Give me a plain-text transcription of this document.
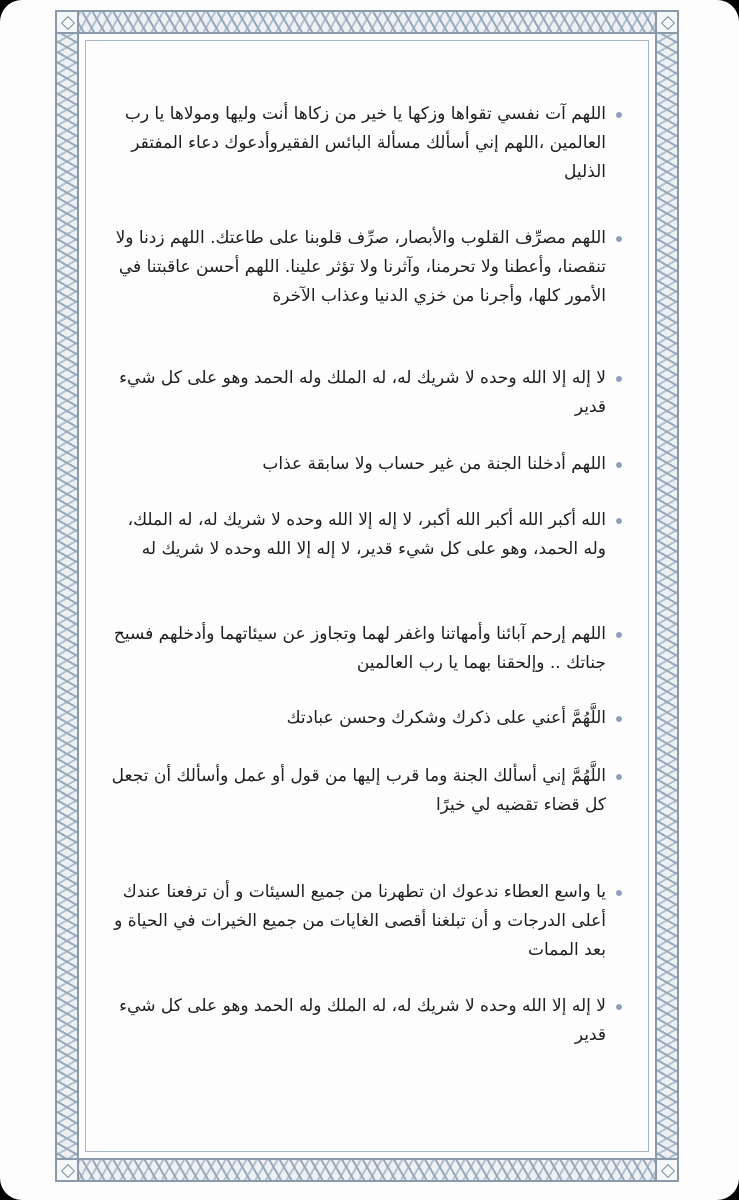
اللهم آت نفسي تقواها وزكها يا خير من زكاها أنت وليها ومولاها يا رب العالمين ،اللهم إني أسألك مسألة البائس الفقيروأدعوك دعاء المفتقر الذليل

اللهم مصرِّف القلوب والأبصار، صرِّف قلوبنا على طاعتك. اللهم زدنا ولا تنقصنا، وأعطنا ولا تحرمنا، وآثرنا ولا تؤثر علينا. اللهم أحسن عاقبتنا في الأمور كلها، وأجرنا من خزي الدنيا وعذاب الآخرة

لا إله إلا الله وحده لا شريك له، له الملك وله الحمد وهو على كل شيء قدير

اللهم أدخلنا الجنة من غير حساب ولا سابقة عذاب

الله أكبر الله أكبر الله أكبر، لا إله إلا الله وحده لا شريك له، له الملك، وله الحمد، وهو على كل شيء قدير، لا إله إلا الله وحده لا شريك له

اللهم إرحم آبائنا وأمهاتنا واغفر لهما وتجاوز عن سيئاتهما وأدخلهم فسيح جناتك .. وإلحقنا بهما يا رب العالمين

اللَّهُمَّ أعني على ذكرك وشكرك وحسن عبادتك

اللَّهُمَّ إني أسألك الجنة وما قرب إليها من قول أو عمل وأسألك أن تجعل كل قضاء تقضيه لي خيرًا

يا واسع العطاء ندعوك ان تطهرنا من جميع السيئات و أن ترفعنا عندك أعلى الدرجات و أن تبلغنا أقصى الغايات من جميع الخيرات في الحياة و بعد الممات

لا إله إلا الله وحده لا شريك له، له الملك وله الحمد وهو على كل شيء قدير
